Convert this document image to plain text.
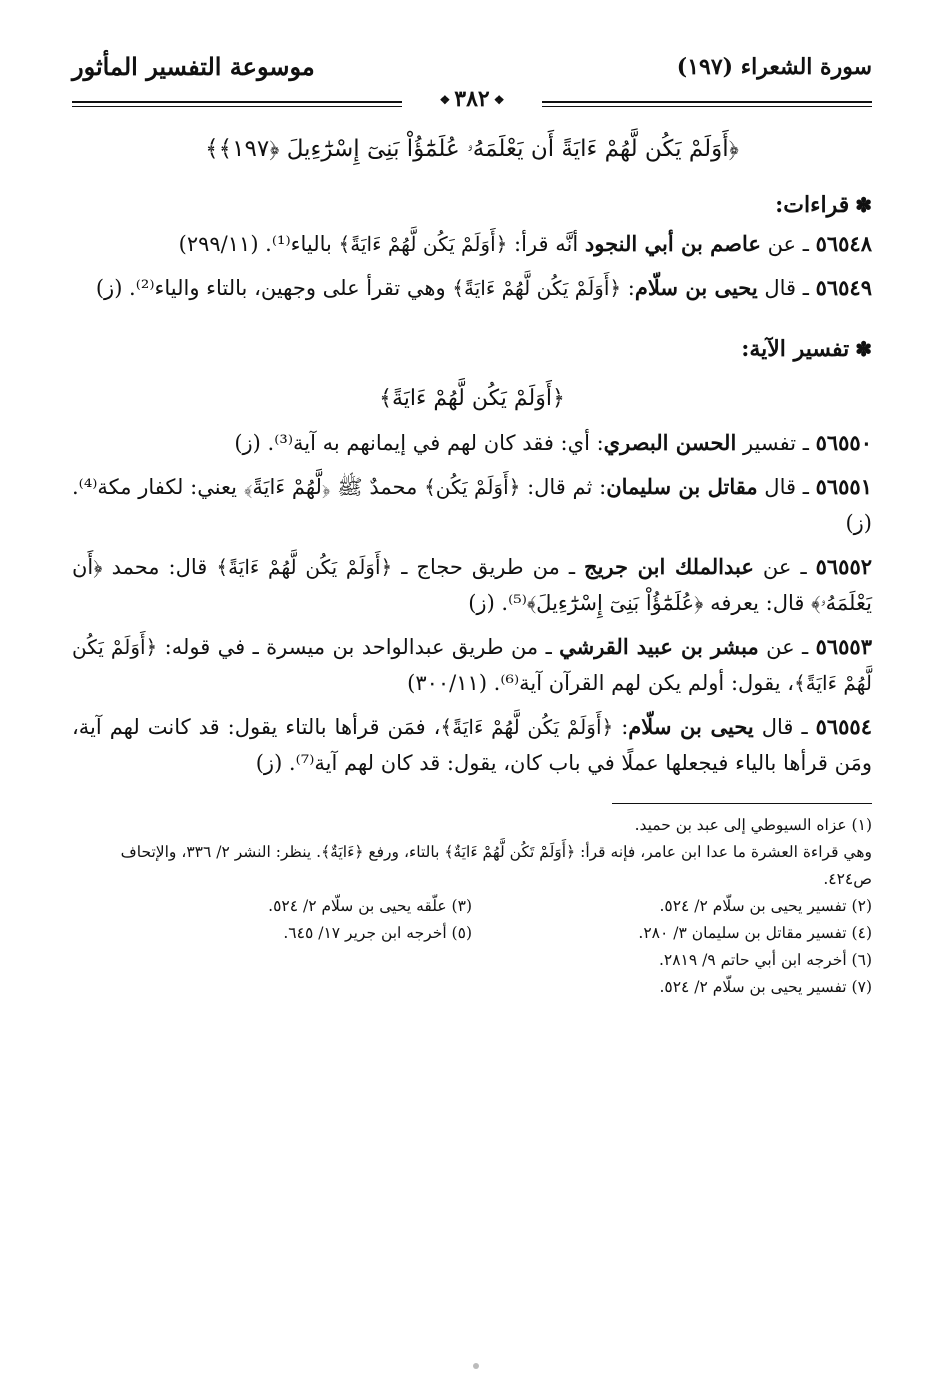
سورة الشعراء (١٩٧)
موسوعة التفسير المأثور
❖٣٨٢❖
﴿أَوَلَمْ يَكُن لَّهُمْ ءَايَةً أَن يَعْلَمَهُۥ عُلَمَٰٓؤُاْ بَنِىٓ إِسْرَٰٓءِيلَ ﴿١٩٧﴾﴾
✽قراءات:
٥٦٥٤٨ ـ عن عاصم بن أبي النجود أنَّه قرأ: ﴿أَوَلَمْ يَكُن لَّهُمْ ءَايَةً﴾ بالياء⁽¹⁾. (٢٩٩/١١)
٥٦٥٤٩ ـ قال يحيى بن سلّام: ﴿أَوَلَمْ يَكُن لَّهُمْ ءَايَةً﴾ وهي تقرأ على وجهين، بالتاء والياء⁽²⁾. (ز)
✽تفسير الآية:
﴿أَوَلَمْ يَكُن لَّهُمْ ءَايَةً﴾
٥٦٥٥٠ ـ تفسير الحسن البصري: أي: فقد كان لهم في إيمانهم به آية⁽³⁾. (ز)
٥٦٥٥١ ـ قال مقاتل بن سليمان: ثم قال: ﴿أَوَلَمْ يَكُن﴾ محمدٌ ﷺ ﴿لَّهُمْ ءَايَةً﴾ يعني: لكفار مكة⁽⁴⁾. (ز)
٥٦٥٥٢ ـ عن عبدالملك ابن جريج ـ من طريق حجاج ـ ﴿أَوَلَمْ يَكُن لَّهُمْ ءَايَةً﴾ قال: محمد ﴿أَن يَعْلَمَهُۥ﴾ قال: يعرفه ﴿عُلَمَٰٓؤُاْ بَنِىٓ إِسْرَٰٓءِيلَ﴾⁽⁵⁾. (ز)
٥٦٥٥٣ ـ عن مبشر بن عبيد القرشي ـ من طريق عبدالواحد بن ميسرة ـ في قوله: ﴿أَوَلَمْ يَكُن لَّهُمْ ءَايَةً﴾، يقول: أولم يكن لهم القرآن آية⁽⁶⁾. (٣٠٠/١١)
٥٦٥٥٤ ـ قال يحيى بن سلّام: ﴿أَوَلَمْ يَكُن لَّهُمْ ءَايَةً﴾، فمَن قرأها بالتاء يقول: قد كانت لهم آية، ومَن قرأها بالياء فيجعلها عملًا في باب كان، يقول: قد كان لهم آية⁽⁷⁾. (ز)
(١) عزاه السيوطي إلى عبد بن حميد.
وهي قراءة العشرة ما عدا ابن عامر، فإنه قرأ: ﴿أَوَلَمْ تَكُن لَّهُمْ ءَايَةٌ﴾ بالتاء، ورفع ﴿ءَايَةٌ﴾. ينظر: النشر ٢/ ٣٣٦، والإتحاف ص٤٢٤.
(٢) تفسير يحيى بن سلّام ٢/ ٥٢٤.
(٣) علّقه يحيى بن سلّام ٢/ ٥٢٤.
(٤) تفسير مقاتل بن سليمان ٣/ ٢٨٠.
(٥) أخرجه ابن جرير ١٧/ ٦٤٥.
(٦) أخرجه ابن أبي حاتم ٩/ ٢٨١٩.
(٧) تفسير يحيى بن سلّام ٢/ ٥٢٤.
